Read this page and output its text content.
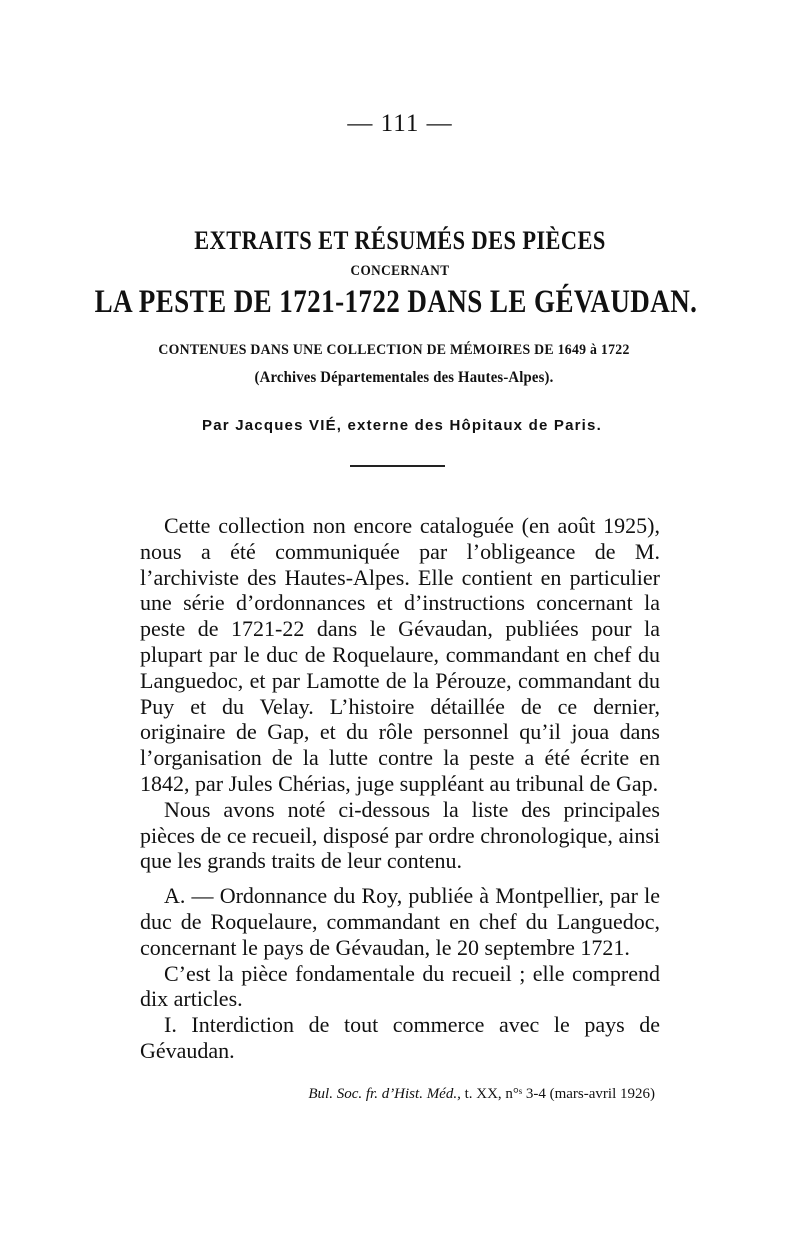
— 111 —
EXTRAITS ET RÉSUMÉS DES PIÈCES
CONCERNANT
LA PESTE DE 1721-1722 DANS LE GÉVAUDAN.
CONTENUES DANS UNE COLLECTION DE MÉMOIRES DE 1649 à 1722
(Archives Départementales des Hautes-Alpes).
Par Jacques VIÉ, externe des Hôpitaux de Paris.

Cette collection non encore cataloguée (en août 1925), nous a été communiquée par l’obligeance de M. l’archiviste des Hautes-Alpes. Elle contient en particulier une série d’ordonnances et d’instructions concernant la peste de 1721-22 dans le Gévaudan, publiées pour la plupart par le duc de Roquelaure, commandant en chef du Languedoc, et par Lamotte de la Pérouze, commandant du Puy et du Velay. L’histoire détaillée de ce dernier, originaire de Gap, et du rôle personnel qu’il joua dans l’organisation de la lutte contre la peste a été écrite en 1842, par Jules Chérias, juge suppléant au tribunal de Gap.

Nous avons noté ci-dessous la liste des principales pièces de ce recueil, disposé par ordre chronologique, ainsi que les grands traits de leur contenu.

A. — Ordonnance du Roy, publiée à Montpellier, par le duc de Roquelaure, commandant en chef du Languedoc, concernant le pays de Gévaudan, le 20 septembre 1721.

C’est la pièce fondamentale du recueil ; elle comprend dix articles.

I. Interdiction de tout commerce avec le pays de Gévaudan.

Bul. Soc. fr. d’Hist. Méd., t. XX, n°ˢ 3-4 (mars-avril 1926)
